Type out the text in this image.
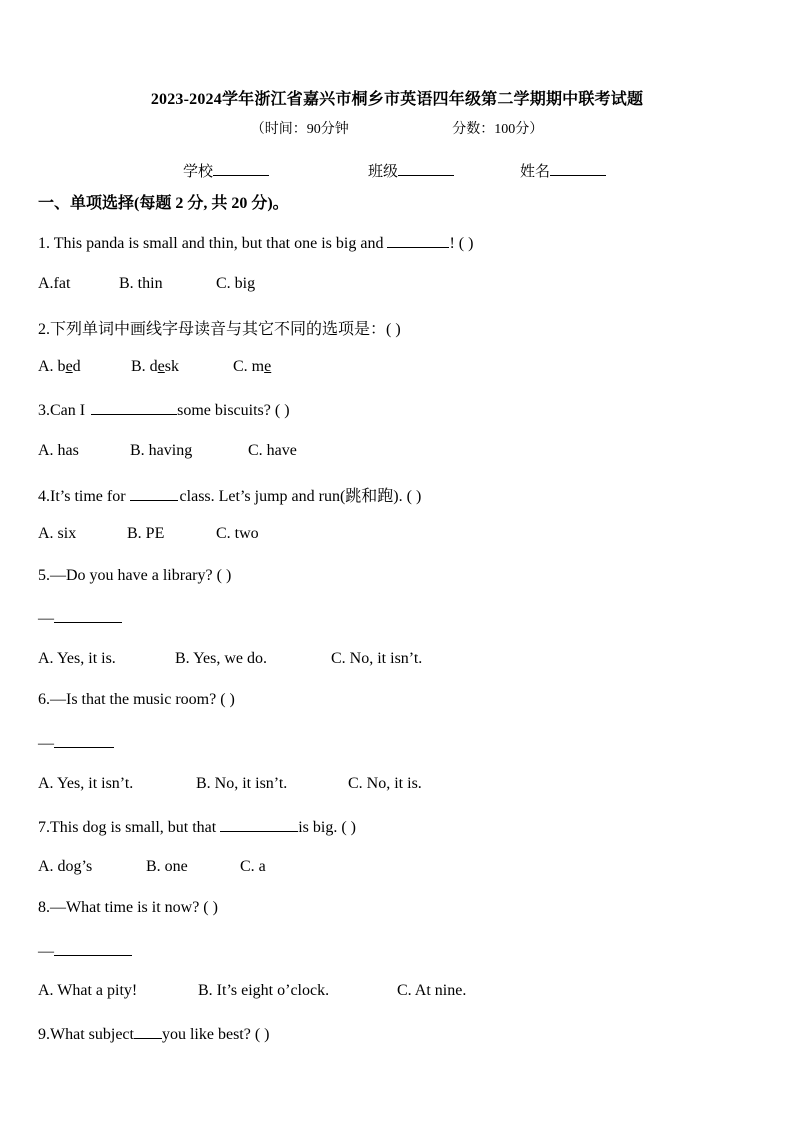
2023-2024学年浙江省嘉兴市桐乡市英语四年级第二学期期中联考试题
（时间：90分钟	分数：100分）
学校	班级	姓名
一、单项选择(每题 2 分, 共 20 分)。
1. This panda is small and thin, but that one is big and	! ( )
A.fat	B. thin	C. big
2.下列单词中画线字母读音与其它不同的选项是：( )
A. bed	B. desk	C. me
3.Can I	some biscuits? ( )
A. has	B. having	C. have
4.It’s time for	class. Let’s jump and run(跳和跑). ( )
A. six	B. PE	C. two
5.—Do you have a library? ( )
—
A. Yes, it is.	B. Yes, we do.	C. No, it isn’t.
6.—Is that the music room? ( )
—
A. Yes, it isn’t.	B. No, it isn’t.	C. No, it is.
7.This dog is small, but that	is big. ( )
A. dog’s	B. one	C. a
8.—What time is it now? ( )
—
A. What a pity!	B. It’s eight o’clock.	C. At nine.
9.What subject you like best? ( )
